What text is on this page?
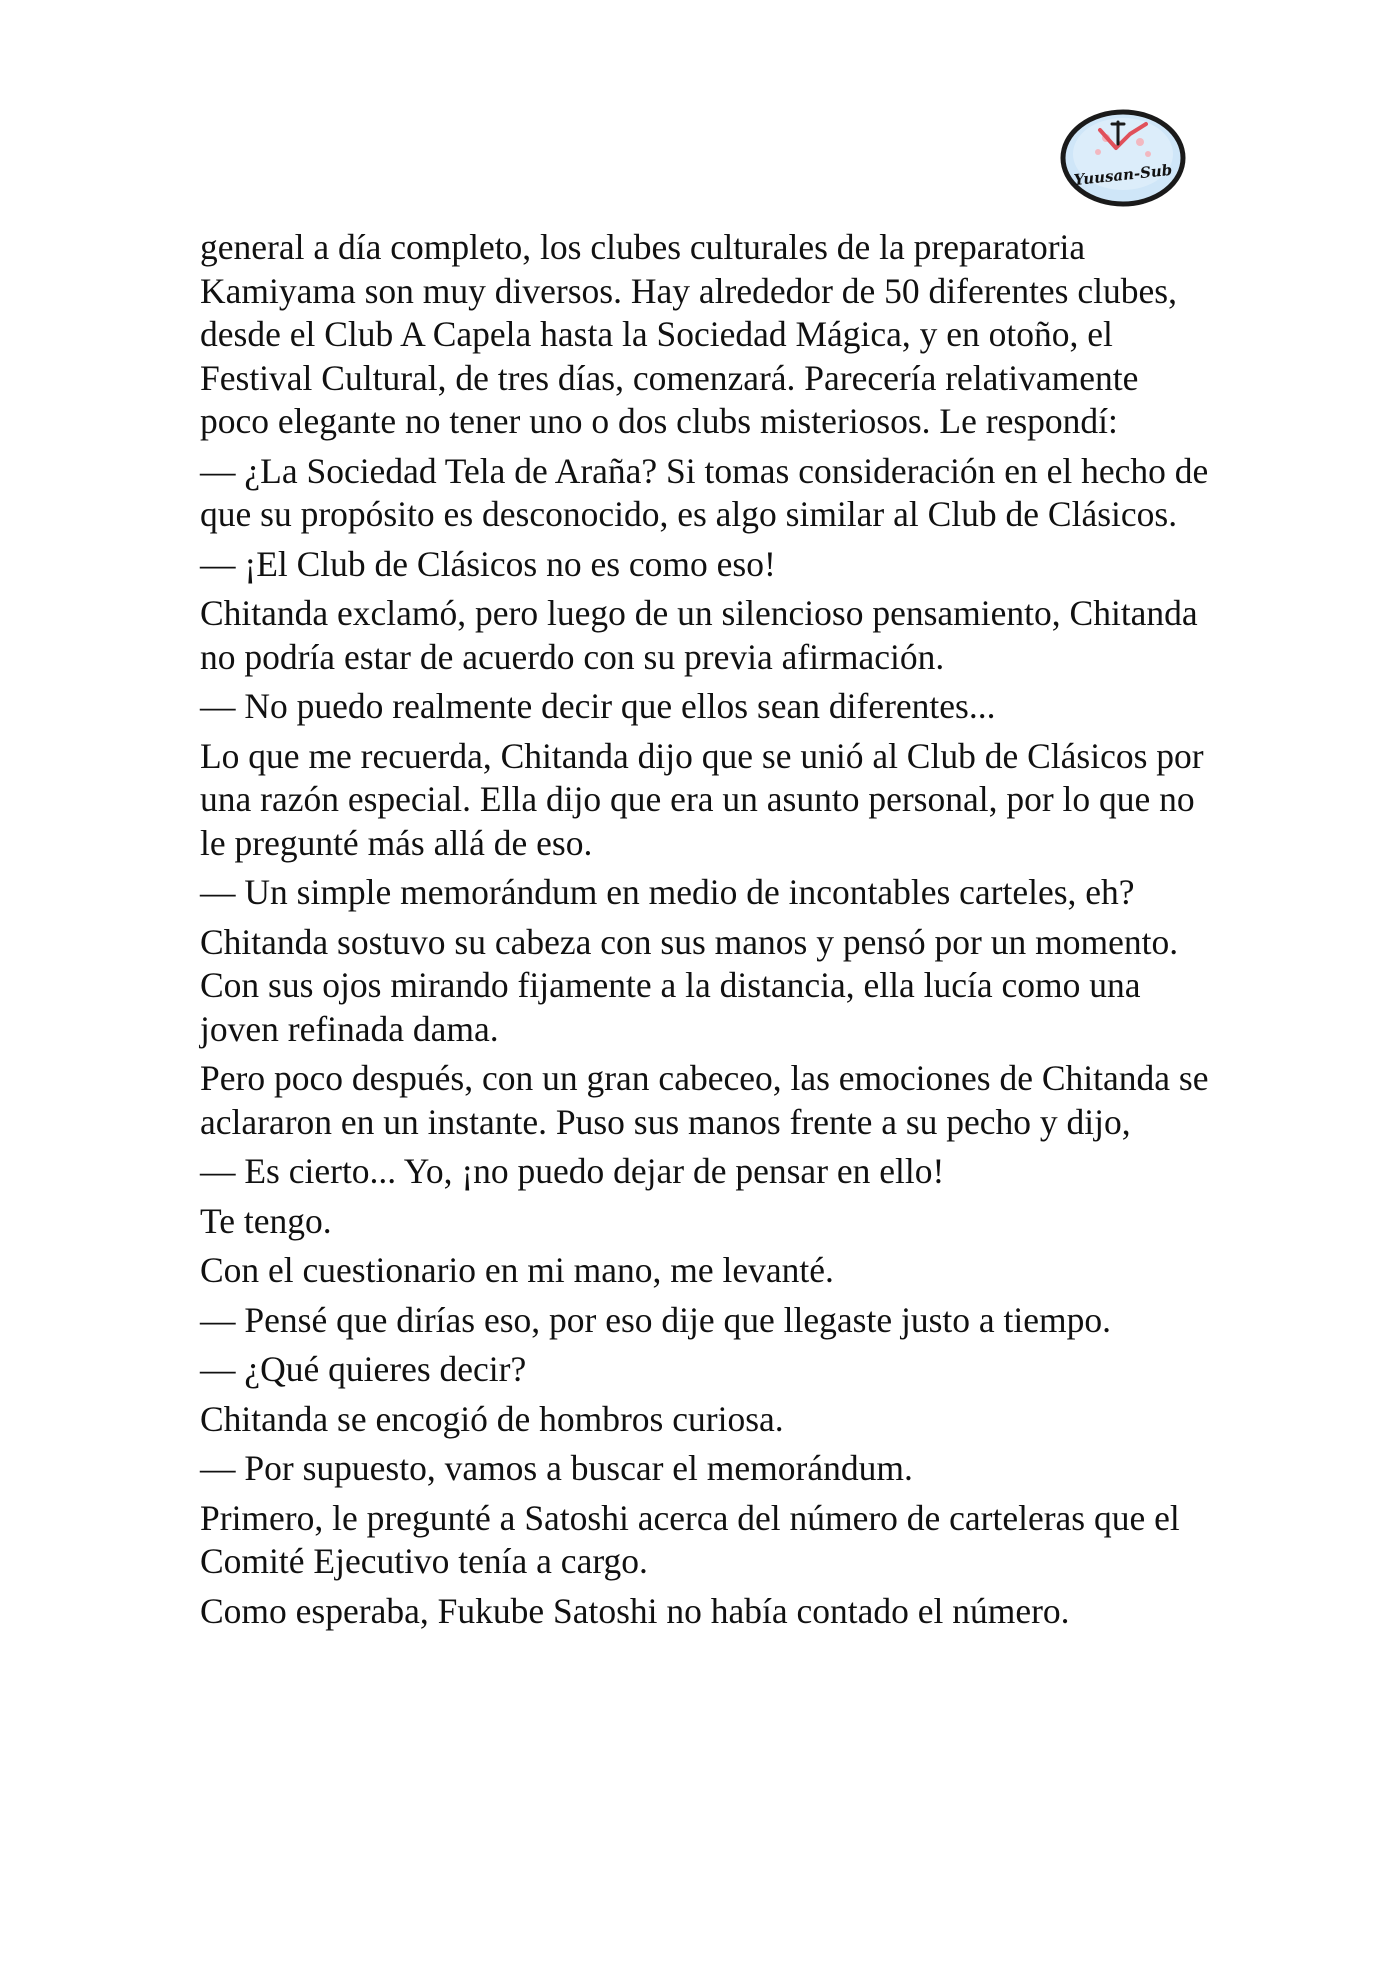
Yuusan-Sub

general a día completo, los clubes culturales de la preparatoria Kamiyama son muy diversos. Hay alrededor de 50 diferentes clubes, desde el Club A Capela hasta la Sociedad Mágica, y en otoño, el Festival Cultural, de tres días, comenzará. Parecería relativamente poco elegante no tener uno o dos clubs misteriosos. Le respondí:

— ¿La Sociedad Tela de Araña? Si tomas consideración en el hecho de que su propósito es desconocido, es algo similar al Club de Clásicos.

— ¡El Club de Clásicos no es como eso!

Chitanda exclamó, pero luego de un silencioso pensamiento, Chitanda no podría estar de acuerdo con su previa afirmación.

— No puedo realmente decir que ellos sean diferentes...

Lo que me recuerda, Chitanda dijo que se unió al Club de Clásicos por una razón especial. Ella dijo que era un asunto personal, por lo que no le pregunté más allá de eso.

— Un simple memorándum en medio de incontables carteles, eh?

Chitanda sostuvo su cabeza con sus manos y pensó por un momento. Con sus ojos mirando fijamente a la distancia, ella lucía como una joven refinada dama.

Pero poco después, con un gran cabeceo, las emociones de Chitanda se aclararon en un instante. Puso sus manos frente a su pecho y dijo,

— Es cierto... Yo, ¡no puedo dejar de pensar en ello!

Te tengo.

Con el cuestionario en mi mano, me levanté.

— Pensé que dirías eso, por eso dije que llegaste justo a tiempo.

— ¿Qué quieres decir?

Chitanda se encogió de hombros curiosa.

— Por supuesto, vamos a buscar el memorándum.

Primero, le pregunté a Satoshi acerca del número de carteleras que el Comité Ejecutivo tenía a cargo.

Como esperaba, Fukube Satoshi no había contado el número.
